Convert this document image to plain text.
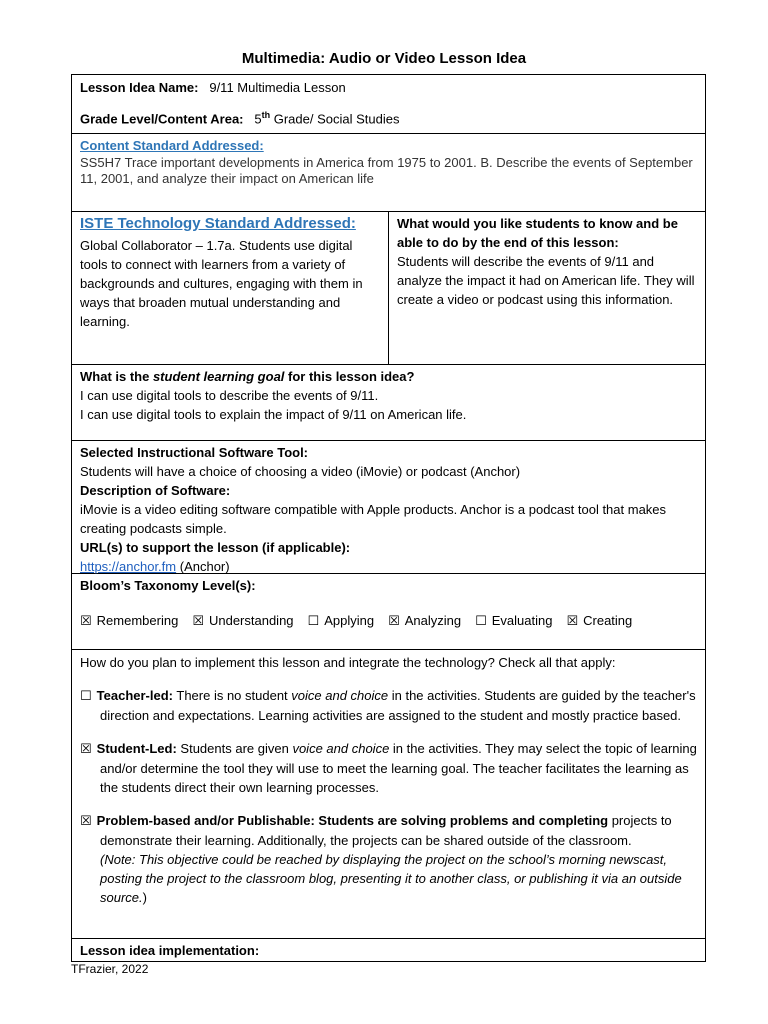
Multimedia: Audio or Video Lesson Idea
Lesson Idea Name: 9/11 Multimedia Lesson
Grade Level/Content Area: 5th Grade/ Social Studies
Content Standard Addressed:
SS5H7 Trace important developments in America from 1975 to 2001. B. Describe the events of September 11, 2001, and analyze their impact on American life
ISTE Technology Standard Addressed:
Global Collaborator – 1.7a. Students use digital tools to connect with learners from a variety of backgrounds and cultures, engaging with them in ways that broaden mutual understanding and learning.
What would you like students to know and be able to do by the end of this lesson:
Students will describe the events of 9/11 and analyze the impact it had on American life. They will create a video or podcast using this information.
What is the student learning goal for this lesson idea?
I can use digital tools to describe the events of 9/11.
I can use digital tools to explain the impact of 9/11 on American life.
Selected Instructional Software Tool:
Students will have a choice of choosing a video (iMovie) or podcast (Anchor)
Description of Software:
iMovie is a video editing software compatible with Apple products. Anchor is a podcast tool that makes creating podcasts simple.
URL(s) to support the lesson (if applicable):
https://anchor.fm (Anchor)
Bloom’s Taxonomy Level(s):
☒ Remembering ☒ Understanding ☐ Applying ☒ Analyzing ☐ Evaluating ☒ Creating
How do you plan to implement this lesson and integrate the technology? Check all that apply:
☐ Teacher-led: There is no student voice and choice in the activities. Students are guided by the teacher's direction and expectations. Learning activities are assigned to the student and mostly practice based.
☒ Student-Led: Students are given voice and choice in the activities. They may select the topic of learning and/or determine the tool they will use to meet the learning goal. The teacher facilitates the learning as the students direct their own learning processes.
☒ Problem-based and/or Publishable: Students are solving problems and completing projects to demonstrate their learning. Additionally, the projects can be shared outside of the classroom.
(Note: This objective could be reached by displaying the project on the school’s morning newscast, posting the project to the classroom blog, presenting it to another class, or publishing it via an outside source.)
Lesson idea implementation:
TFrazier, 2022
